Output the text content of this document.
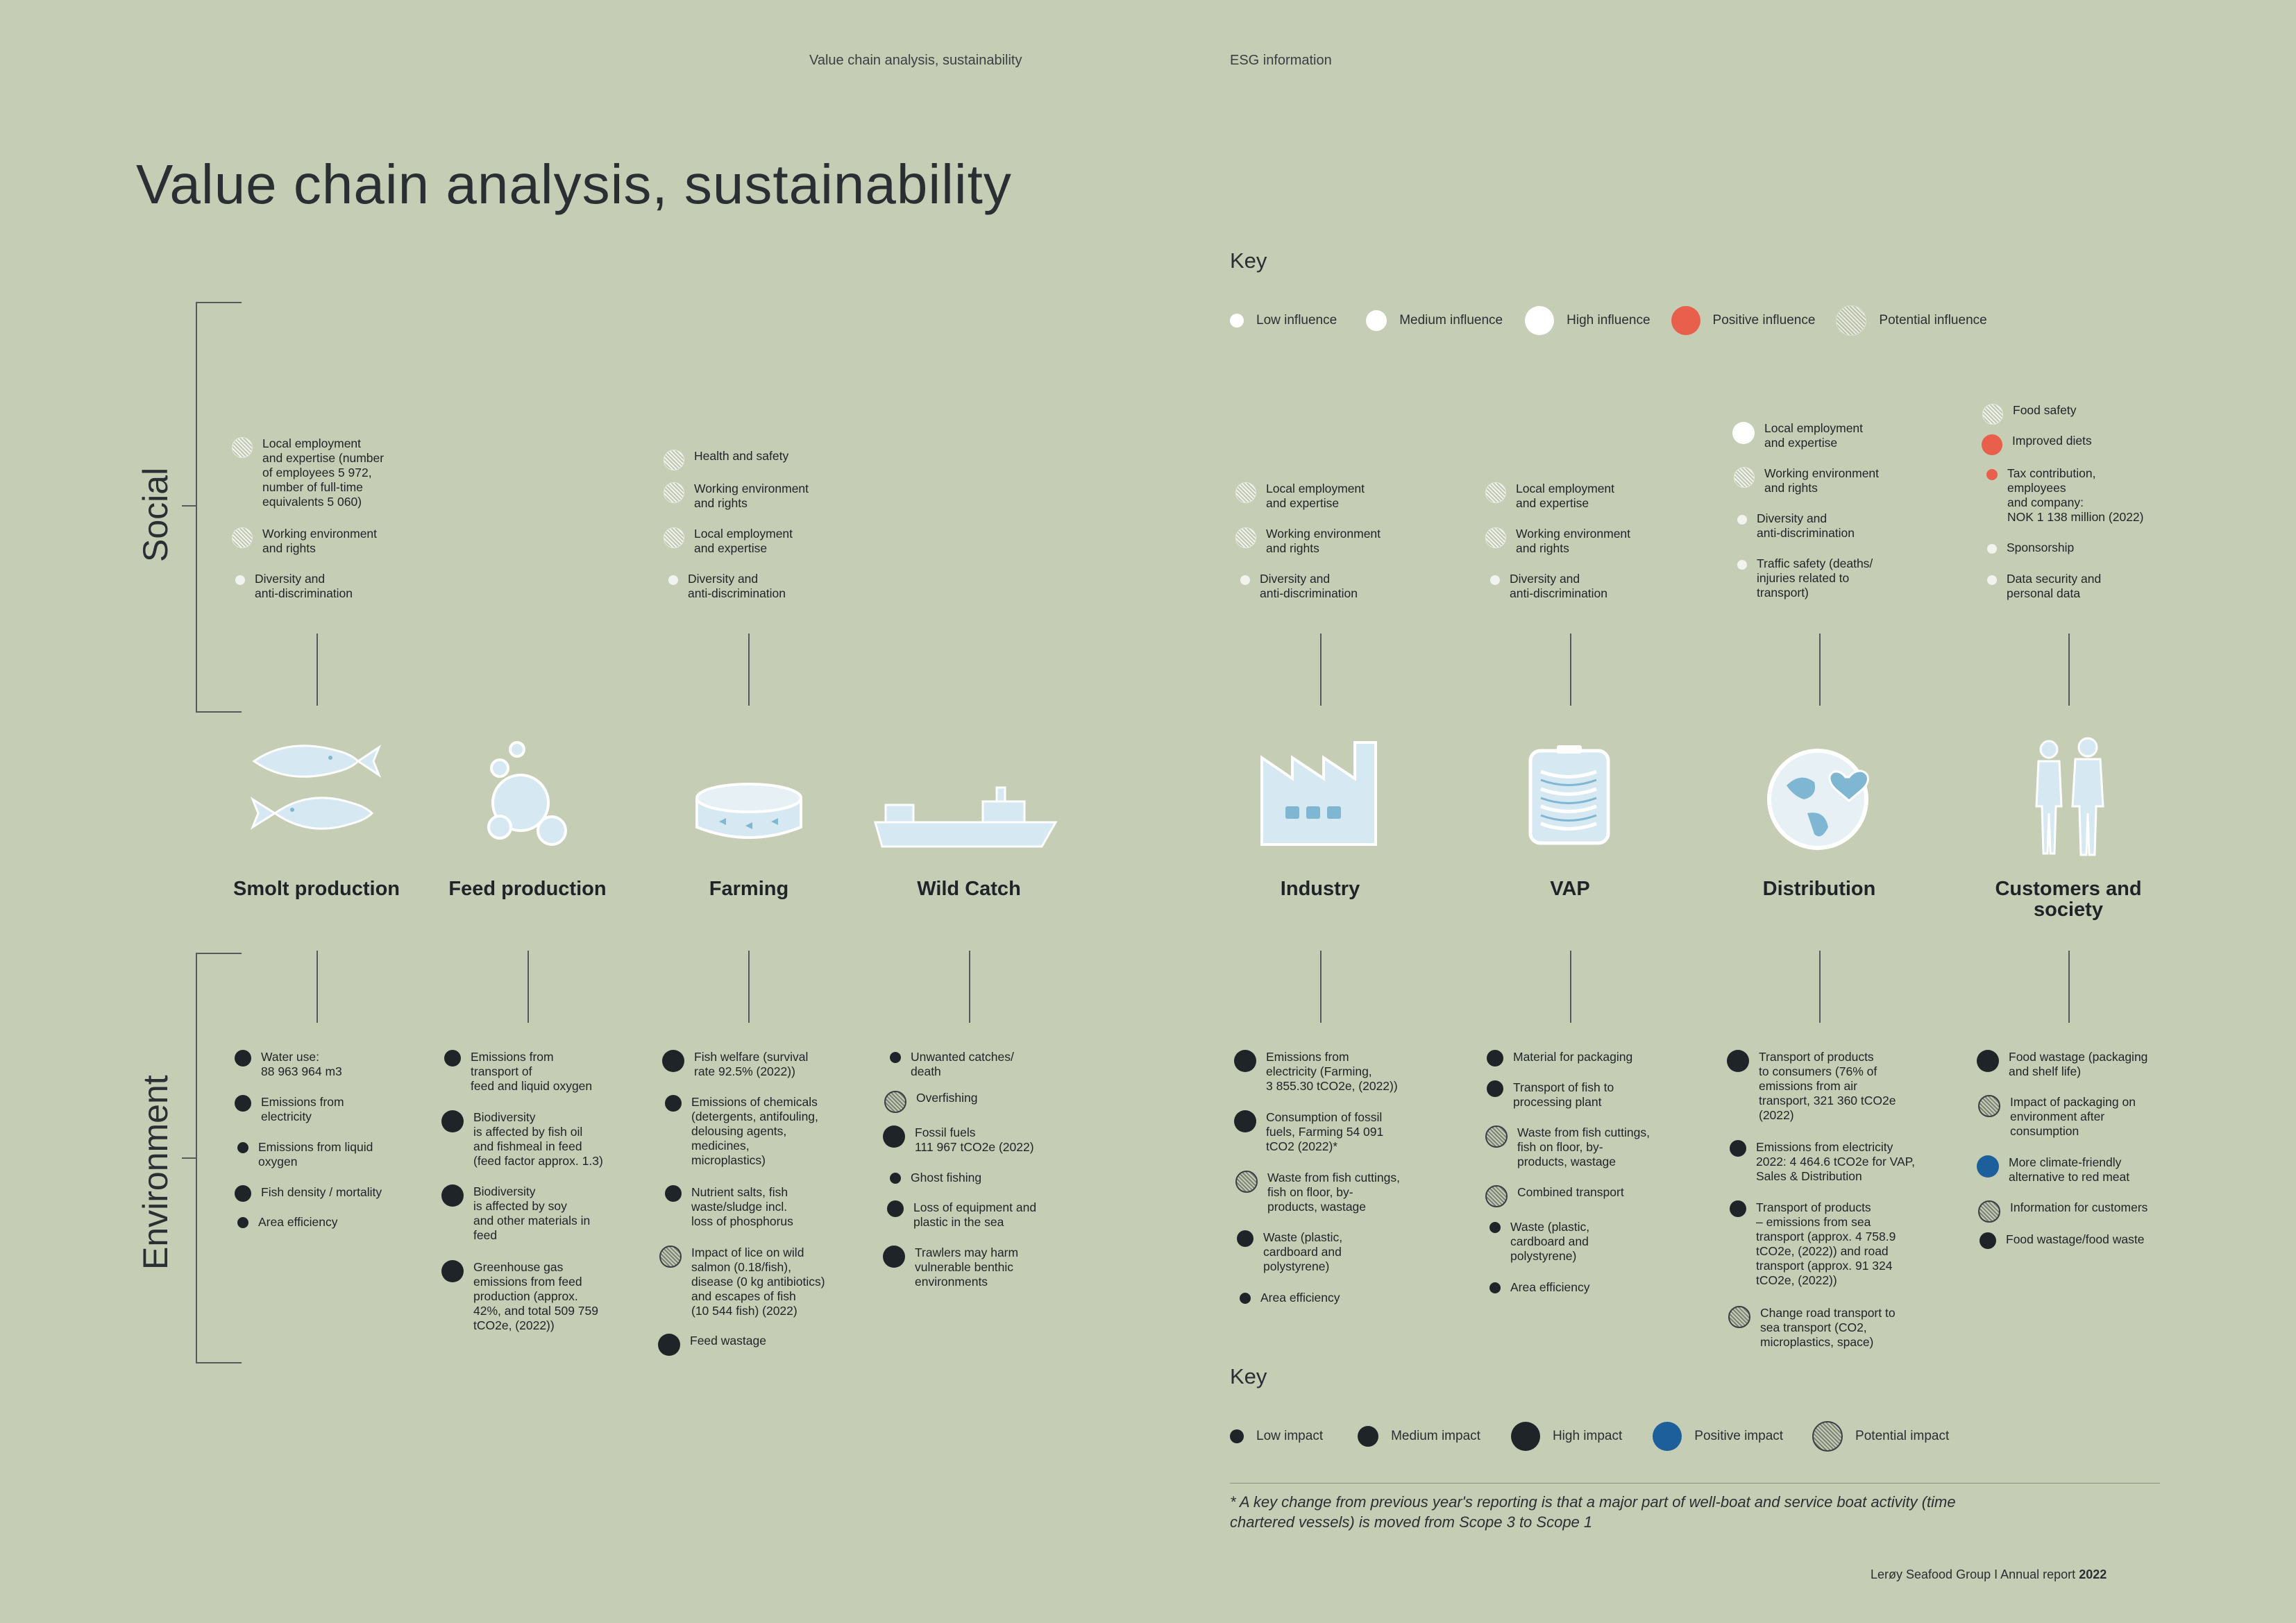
Value chain analysis, sustainability	ESG information
Value chain analysis, sustainability
Key
Low influence	Medium influence	High influence	Positive influence	Potential influence
Social
Environment
Local employment
and expertise (number
of employees 5 972,
number of full-time
equivalents 5 060)
Working environment
and rights
Diversity and
anti-discrimination
Health and safety
Working environment
and rights
Local employment
and expertise
Diversity and
anti-discrimination
Local employment
and expertise
Working environment
and rights
Diversity and
anti-discrimination
Local employment
and expertise
Working environment
and rights
Diversity and
anti-discrimination
Local employment
and expertise
Working environment
and rights
Diversity and
anti-discrimination
Traffic safety (deaths/
injuries related to
transport)
Food safety
Improved diets
Tax contribution,
employees
and company:
NOK 1 138 million (2022)
Sponsorship
Data security and
personal data
Smolt production	Feed production	Farming	Wild Catch	Industry	VAP	Distribution	Customers and
society
Water use:
88 963 964 m3
Emissions from
electricity
Emissions from liquid
oxygen
Fish density / mortality
Area efficiency
Emissions from
transport of
feed and liquid oxygen
Biodiversity
is affected by fish oil
and fishmeal in feed
(feed factor approx. 1.3)
Biodiversity
is affected by soy
and other materials in
feed
Greenhouse gas
emissions from feed
production (approx.
42%, and total 509 759
tCO2e, (2022))
Fish welfare (survival
rate 92.5% (2022))
Emissions of chemicals
(detergents, antifouling,
delousing agents,
medicines,
microplastics)
Nutrient salts, fish
waste/sludge incl.
loss of phosphorus
Impact of lice on wild
salmon (0.18/fish),
disease (0 kg antibiotics)
and escapes of fish
(10 544 fish) (2022)
Feed wastage
Unwanted catches/
death
Overfishing
Fossil fuels
111 967 tCO2e (2022)
Ghost fishing
Loss of equipment and
plastic in the sea
Trawlers may harm
vulnerable benthic
environments
Emissions from
electricity (Farming,
3 855.30 tCO2e, (2022))
Consumption of fossil
fuels, Farming 54 091
tCO2 (2022)*
Waste from fish cuttings,
fish on floor, by-
products, wastage
Waste (plastic,
cardboard and
polystyrene)
Area efficiency
Material for packaging
Transport of fish to
processing plant
Waste from fish cuttings,
fish on floor, by-
products, wastage
Combined transport
Waste (plastic,
cardboard and
polystyrene)
Area efficiency
Transport of products
to consumers (76% of
emissions from air
transport, 321 360 tCO2e
(2022)
Emissions from electricity
2022: 4 464.6 tCO2e for VAP,
Sales & Distribution
Transport of products
– emissions from sea
transport (approx. 4 758.9
tCO2e, (2022)) and road
transport (approx. 91 324
tCO2e, (2022))
Change road transport to
sea transport (CO2,
microplastics, space)
Food wastage (packaging
and shelf life)
Impact of packaging on
environment after
consumption
More climate-friendly
alternative to red meat
Information for customers
Food wastage/food waste
Key
Low impact	Medium impact	High impact	Positive impact	Potential impact
* A key change from previous year's reporting is that a major part of well-boat and service boat activity (time
chartered vessels) is moved from Scope 3 to Scope 1
Lerøy Seafood Group I Annual report 2022
